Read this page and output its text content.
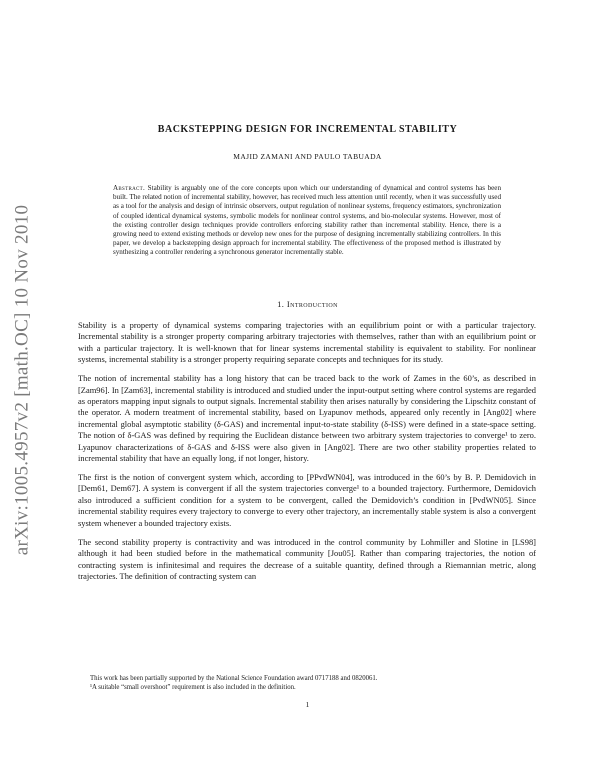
arXiv:1005.4957v2 [math.OC] 10 Nov 2010
BACKSTEPPING DESIGN FOR INCREMENTAL STABILITY
MAJID ZAMANI AND PAULO TABUADA
Abstract. Stability is arguably one of the core concepts upon which our understanding of dynamical and control systems has been built. The related notion of incremental stability, however, has received much less attention until recently, when it was successfully used as a tool for the analysis and design of intrinsic observers, output regulation of nonlinear systems, frequency estimators, synchronization of coupled identical dynamical systems, symbolic models for nonlinear control systems, and bio-molecular systems. However, most of the existing controller design techniques provide controllers enforcing stability rather than incremental stability. Hence, there is a growing need to extend existing methods or develop new ones for the purpose of designing incrementally stabilizing controllers. In this paper, we develop a backstepping design approach for incremental stability. The effectiveness of the proposed method is illustrated by synthesizing a controller rendering a synchronous generator incrementally stable.
1. Introduction

Stability is a property of dynamical systems comparing trajectories with an equilibrium point or with a particular trajectory. Incremental stability is a stronger property comparing arbitrary trajectories with themselves, rather than with an equilibrium point or with a particular trajectory. It is well-known that for linear systems incremental stability is equivalent to stability. For nonlinear systems, incremental stability is a stronger property requiring separate concepts and techniques for its study.

The notion of incremental stability has a long history that can be traced back to the work of Zames in the 60’s, as described in [Zam96]. In [Zam63], incremental stability is introduced and studied under the input-output setting where control systems are regarded as operators mapping input signals to output signals. Incremental stability then arises naturally by considering the Lipschitz constant of the operator. A modern treatment of incremental stability, based on Lyapunov methods, appeared only recently in [Ang02] where incremental global asymptotic stability (δ-GAS) and incremental input-to-state stability (δ-ISS) were defined in a state-space setting. The notion of δ-GAS was defined by requiring the Euclidean distance between two arbitrary system trajectories to converge¹ to zero. Lyapunov characterizations of δ-GAS and δ-ISS were also given in [Ang02]. There are two other stability properties related to incremental stability that have an equally long, if not longer, history.

The first is the notion of convergent system which, according to [PPvdWN04], was introduced in the 60’s by B. P. Demidovich in [Dem61, Dem67]. A system is convergent if all the system trajectories converge¹ to a bounded trajectory. Furthermore, Demidovich also introduced a sufficient condition for a system to be convergent, called the Demidovich’s condition in [PvdWN05]. Since incremental stability requires every trajectory to converge to every other trajectory, an incrementally stable system is also a convergent system whenever a bounded trajectory exists.

The second stability property is contractivity and was introduced in the control community by Lohmiller and Slotine in [LS98] although it had been studied before in the mathematical community [Jou05]. Rather than comparing trajectories, the notion of contracting system is infinitesimal and requires the decrease of a suitable quantity, defined through a Riemannian metric, along trajectories. The definition of contracting system can

This work has been partially supported by the National Science Foundation award 0717188 and 0820061.

¹A suitable “small overshoot” requirement is also included in the definition.

1
